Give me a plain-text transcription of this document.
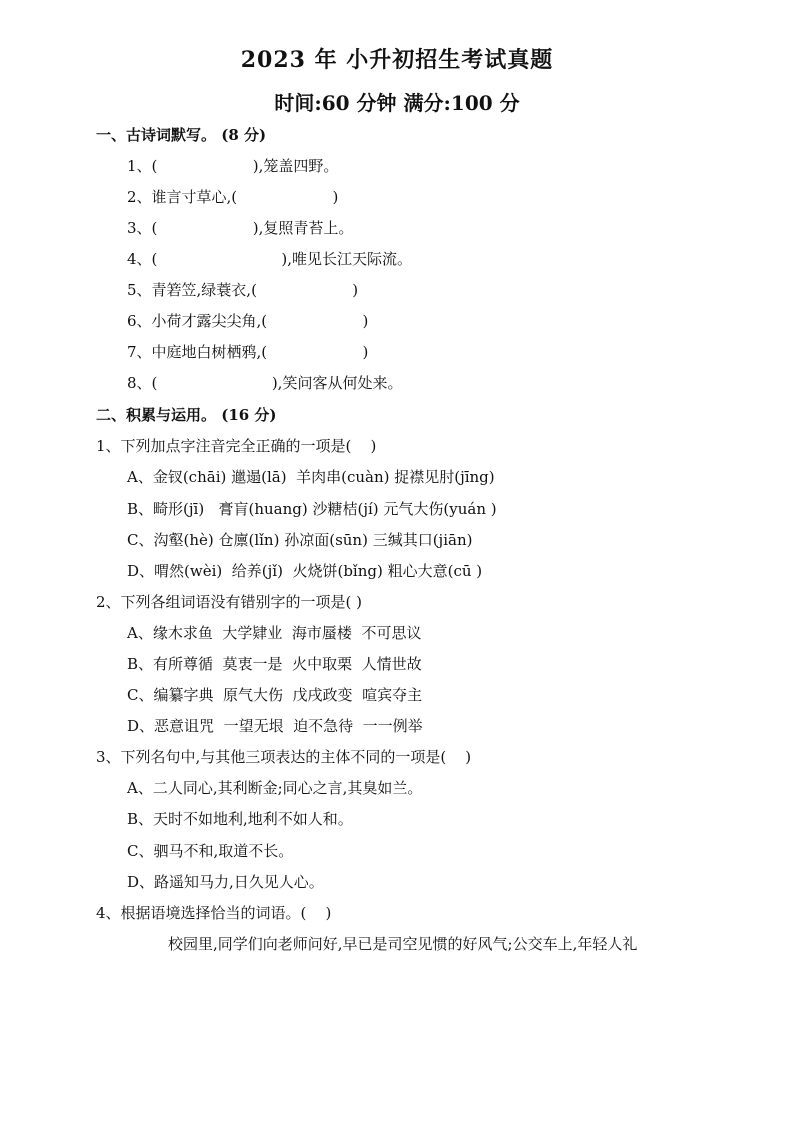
2023 年 小升初招生考试真题
时间:60 分钟 满分:100 分
一、古诗词默写。 (8 分)
1、(                    ),笼盖四野。
2、谁言寸草心,(                    )
3、(                    ),复照青苔上。
4、(                          ),唯见长江天际流。
5、青箬笠,绿蓑衣,(                    )
6、小荷才露尖尖角,(                    )
7、中庭地白树栖鸦,(                    )
8、(                        ),笑问客从何处来。
二、积累与运用。 (16 分)
1、下列加点字注音完全正确的一项是(    )
A、金钗(chāi) 邋遢(lā)  羊肉串(cuàn) 捉襟见肘(jīng)
B、畸形(jī)   膏肓(huang) 沙糖桔(jí) 元气大伤(yuán )
C、沟壑(hè) 仓廪(lǐn) 孙凉面(sūn) 三缄其口(jiān)
D、喟然(wèi)  给养(jǐ)  火烧饼(bǐng) 粗心大意(cū )
2、下列各组词语没有错别字的一项是( )
A、缘木求鱼  大学肄业  海市蜃楼  不可思议
B、有所尊循  莫衷一是  火中取栗  人情世故
C、编纂字典  原气大伤  戊戌政变  喧宾夺主
D、恶意诅咒  一望无垠  迫不急待  一一例举
3、下列名句中,与其他三项表达的主体不同的一项是(    )
A、二人同心,其利断金;同心之言,其臭如兰。
B、天时不如地利,地利不如人和。
C、驷马不和,取道不长。
D、路遥知马力,日久见人心。
4、根据语境选择恰当的词语。(    )
校园里,同学们向老师问好,早已是司空见惯的好风气;公交车上,年轻人礼
